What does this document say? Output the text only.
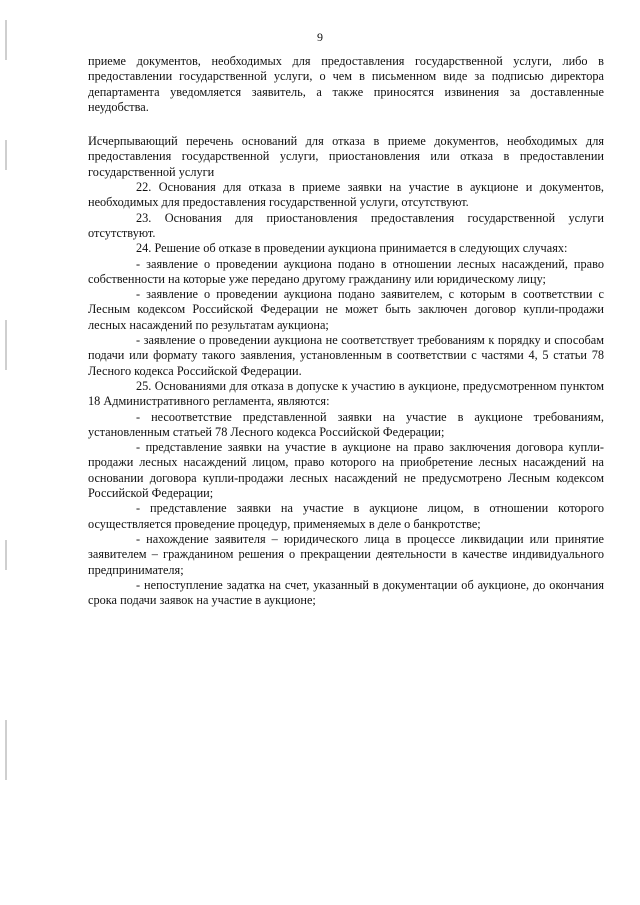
9

приеме документов, необходимых для предоставления государственной услуги, либо в предоставлении государственной услуги, о чем в письменном виде за подписью директора департамента уведомляется заявитель, а также приносятся извинения за доставленные неудобства.

Исчерпывающий перечень оснований для отказа в приеме документов, необходимых для предоставления государственной услуги, приостановления или отказа в предоставлении государственной услуги

22. Основания для отказа в приеме заявки на участие в аукционе и документов, необходимых для предоставления государственной услуги, отсутствуют.

23. Основания для приостановления предоставления государственной услуги отсутствуют.

24. Решение об отказе в проведении аукциона принимается в следующих случаях:

- заявление о проведении аукциона подано в отношении лесных насаждений, право собственности на которые уже передано другому гражданину или юридическому лицу;

- заявление о проведении аукциона подано заявителем, с которым в соответствии с Лесным кодексом Российской Федерации не может быть заключен договор купли-продажи лесных насаждений по результатам аукциона;

- заявление о проведении аукциона не соответствует требованиям к порядку и способам подачи или формату такого заявления, установленным в соответствии с частями 4, 5 статьи 78 Лесного кодекса Российской Федерации.

25. Основаниями для отказа в допуске к участию в аукционе, предусмотренном пунктом 18 Административного регламента, являются:

- несоответствие представленной заявки на участие в аукционе требованиям, установленным статьей 78 Лесного кодекса Российской Федерации;

- представление заявки на участие в аукционе на право заключения договора купли-продажи лесных насаждений лицом, право которого на приобретение лесных насаждений на основании договора купли-продажи лесных насаждений не предусмотрено Лесным кодексом Российской Федерации;

- представление заявки на участие в аукционе лицом, в отношении которого осуществляется проведение процедур, применяемых в деле о банкротстве;

- нахождение заявителя – юридического лица в процессе ликвидации или принятие заявителем – гражданином решения о прекращении деятельности в качестве индивидуального предпринимателя;

- непоступление задатка на счет, указанный в документации об аукционе, до окончания срока подачи заявок на участие в аукционе;
